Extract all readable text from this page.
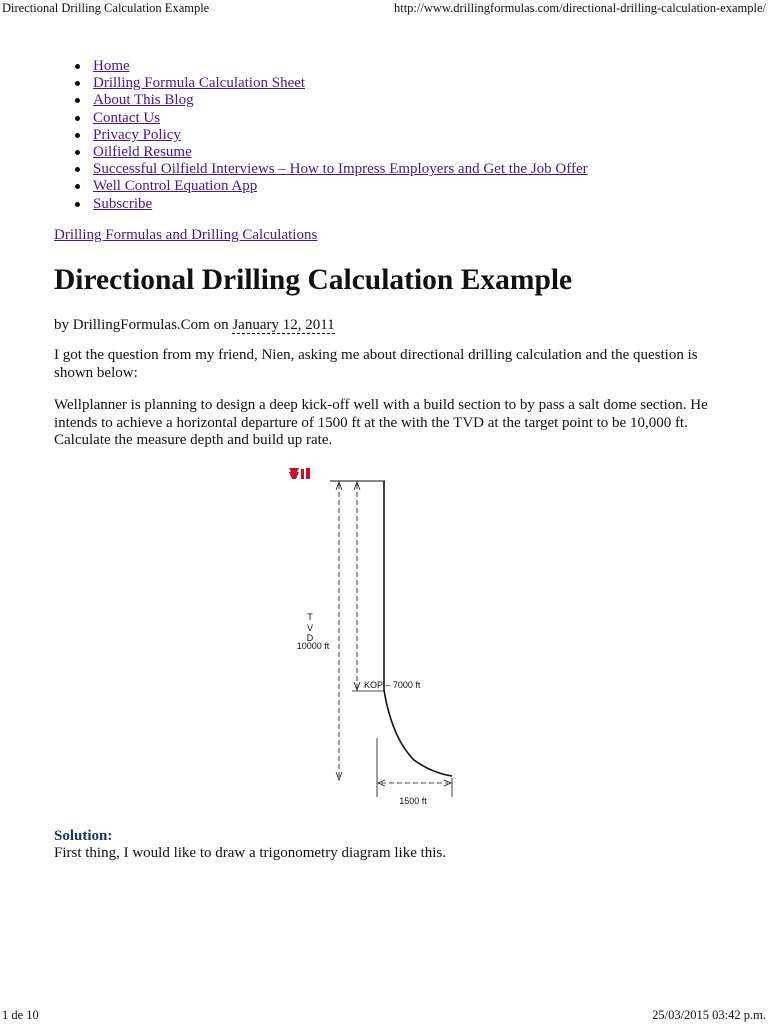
Directional Drilling Calculation Example	http://www.drillingformulas.com/directional-drilling-calculation-example/
Home
Drilling Formula Calculation Sheet
About This Blog
Contact Us
Privacy Policy
Oilfield Resume
Successful Oilfield Interviews – How to Impress Employers and Get the Job Offer
Well Control Equation App
Subscribe
Drilling Formulas and Drilling Calculations
Directional Drilling Calculation Example
by DrillingFormulas.Com on January 12, 2011

I got the question from my friend, Nien, asking me about directional drilling calculation and the question is shown below:

Wellplanner is planning to design a deep kick-off well with a build section to by pass a salt dome section. He intends to achieve a horizontal departure of 1500 ft at the with the TVD at the target point to be 10,000 ft. Calculate the measure depth and build up rate.

T
V
D
10000 ft
KOP – 7000 ft
1500 ft
Solution:

First thing, I would like to draw a trigonometry diagram like this.

1 de 10	25/03/2015 03:42 p.m.
